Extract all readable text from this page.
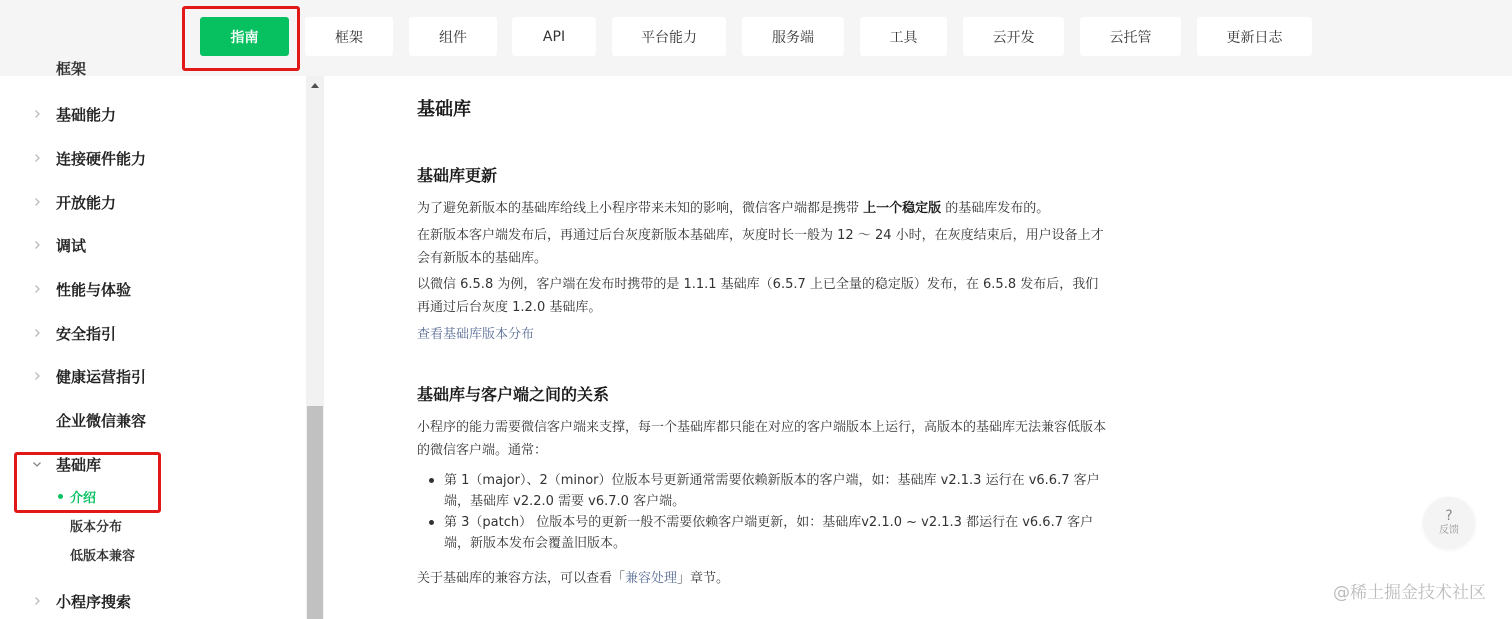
指南	框架	组件	API	平台能力	服务端	工具	云开发	云托管	更新日志
框架
基础能力
连接硬件能力
开放能力
调试
性能与体验
安全指引
健康运营指引
企业微信兼容
基础库
介绍
版本分布
低版本兼容
小程序搜索
基础库
基础库更新
为了避免新版本的基础库给线上小程序带来未知的影响，微信客户端都是携带 上一个稳定版 的基础库发布的。
在新版本客户端发布后，再通过后台灰度新版本基础库，灰度时长一般为 12 ～ 24 小时，在灰度结束后，用户设备上才会有新版本的基础库。
以微信 6.5.8 为例，客户端在发布时携带的是 1.1.1 基础库（6.5.7 上已全量的稳定版）发布，在 6.5.8 发布后，我们再通过后台灰度 1.2.0 基础库。
查看基础库版本分布
基础库与客户端之间的关系
小程序的能力需要微信客户端来支撑，每一个基础库都只能在对应的客户端版本上运行，高版本的基础库无法兼容低版本的微信客户端。通常：
第 1（major）、2（minor）位版本号更新通常需要依赖新版本的客户端，如：基础库 v2.1.3 运行在 v6.6.7 客户端，基础库 v2.2.0 需要 v6.7.0 客户端。
第 3（patch） 位版本号的更新一般不需要依赖客户端更新，如：基础库v2.1.0 ~ v2.1.3 都运行在 v6.6.7 客户端，新版本发布会覆盖旧版本。
关于基础库的兼容方法，可以查看「兼容处理」章节。
?
反馈
@稀土掘金技术社区
